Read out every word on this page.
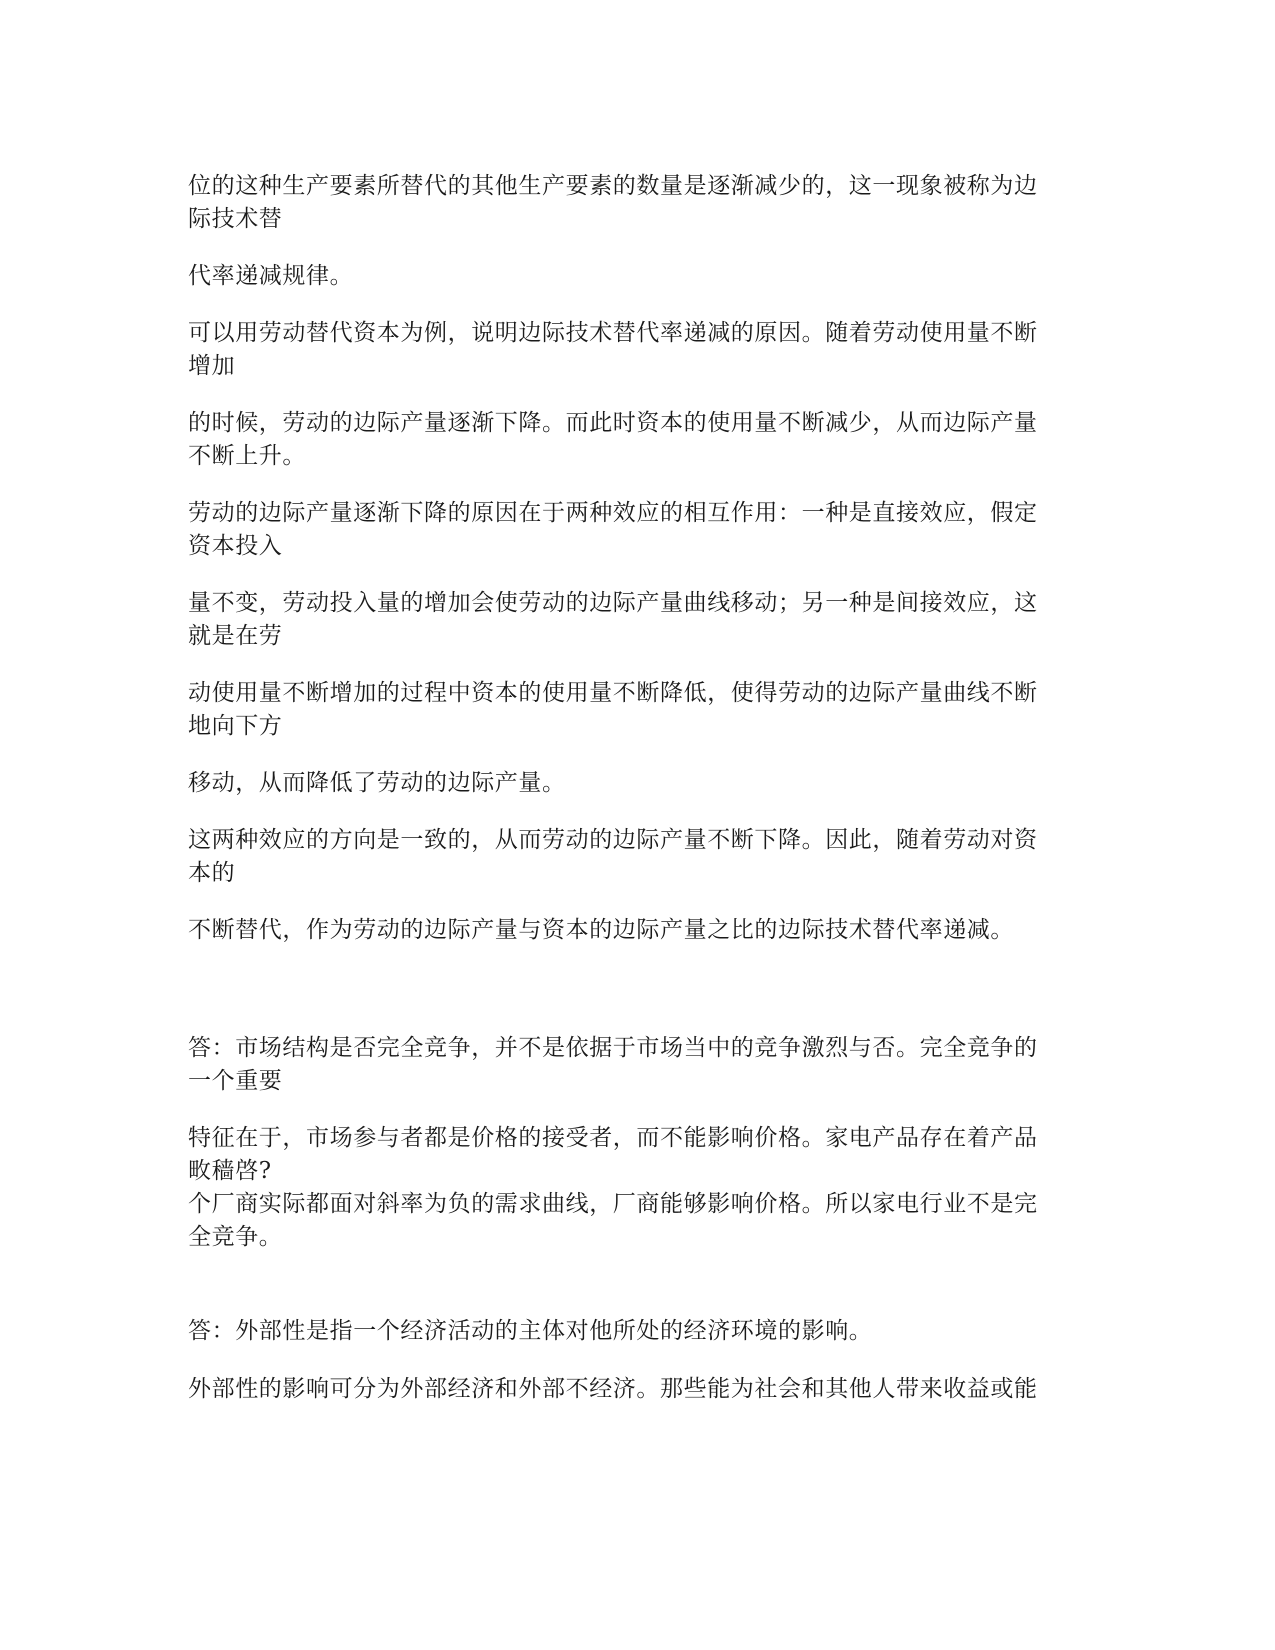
位的这种生产要素所替代的其他生产要素的数量是逐渐减少的，这一现象被称为边
际技术替
代率递减规律。
可以用劳动替代资本为例，说明边际技术替代率递减的原因。随着劳动使用量不断
增加
的时候，劳动的边际产量逐渐下降。而此时资本的使用量不断减少，从而边际产量
不断上升。
劳动的边际产量逐渐下降的原因在于两种效应的相互作用：一种是直接效应，假定
资本投入
量不变，劳动投入量的增加会使劳动的边际产量曲线移动；另一种是间接效应，这
就是在劳
动使用量不断增加的过程中资本的使用量不断降低，使得劳动的边际产量曲线不断
地向下方
移动，从而降低了劳动的边际产量。
这两种效应的方向是一致的，从而劳动的边际产量不断下降。因此，随着劳动对资
本的
不断替代，作为劳动的边际产量与资本的边际产量之比的边际技术替代率递减。
答：市场结构是否完全竞争，并不是依据于市场当中的竞争激烈与否。完全竞争的
一个重要
特征在于，市场参与者都是价格的接受者，而不能影响价格。家电产品存在着产品
畋穑啓?
个厂商实际都面对斜率为负的需求曲线，厂商能够影响价格。所以家电行业不是完
全竞争。
答：外部性是指一个经济活动的主体对他所处的经济环境的影响。
外部性的影响可分为外部经济和外部不经济。那些能为社会和其他人带来收益或能
